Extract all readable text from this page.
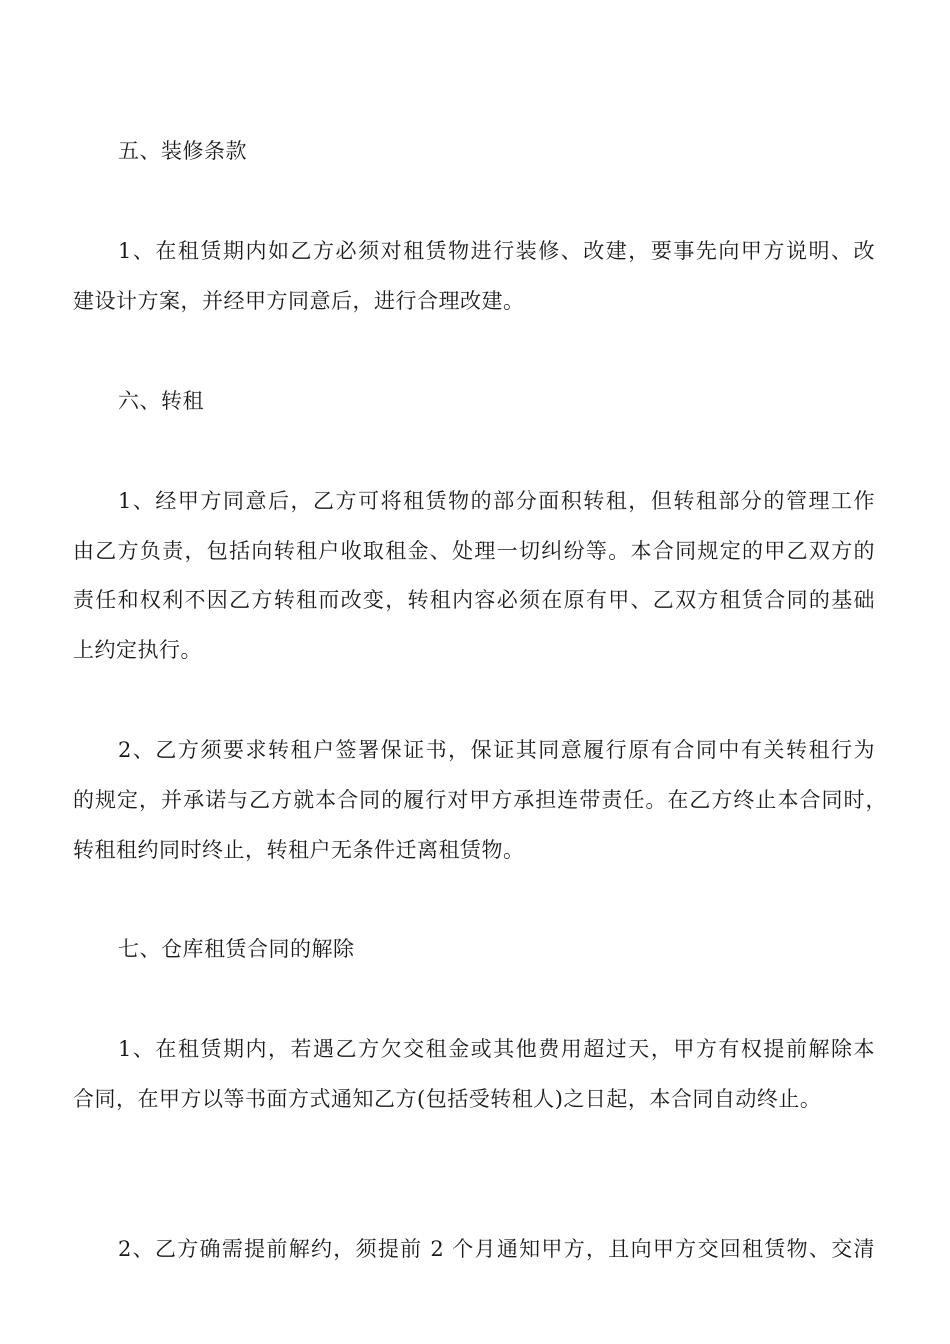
五、装修条款
1、在租赁期内如乙方必须对租赁物进行装修、改建，要事先向甲方说明、改
建设计方案，并经甲方同意后，进行合理改建。
六、转租
1、经甲方同意后，乙方可将租赁物的部分面积转租，但转租部分的管理工作
由乙方负责，包括向转租户收取租金、处理一切纠纷等。本合同规定的甲乙双方的
责任和权利不因乙方转租而改变，转租内容必须在原有甲、乙双方租赁合同的基础
上约定执行。
2、乙方须要求转租户签署保证书，保证其同意履行原有合同中有关转租行为
的规定，并承诺与乙方就本合同的履行对甲方承担连带责任。在乙方终止本合同时，
转租租约同时终止，转租户无条件迁离租赁物。
七、仓库租赁合同的解除
1、在租赁期内，若遇乙方欠交租金或其他费用超过天，甲方有权提前解除本
合同，在甲方以等书面方式通知乙方(包括受转租人)之日起，本合同自动终止。
2、乙方确需提前解约，须提前 2 个月通知甲方，且向甲方交回租赁物、交清
